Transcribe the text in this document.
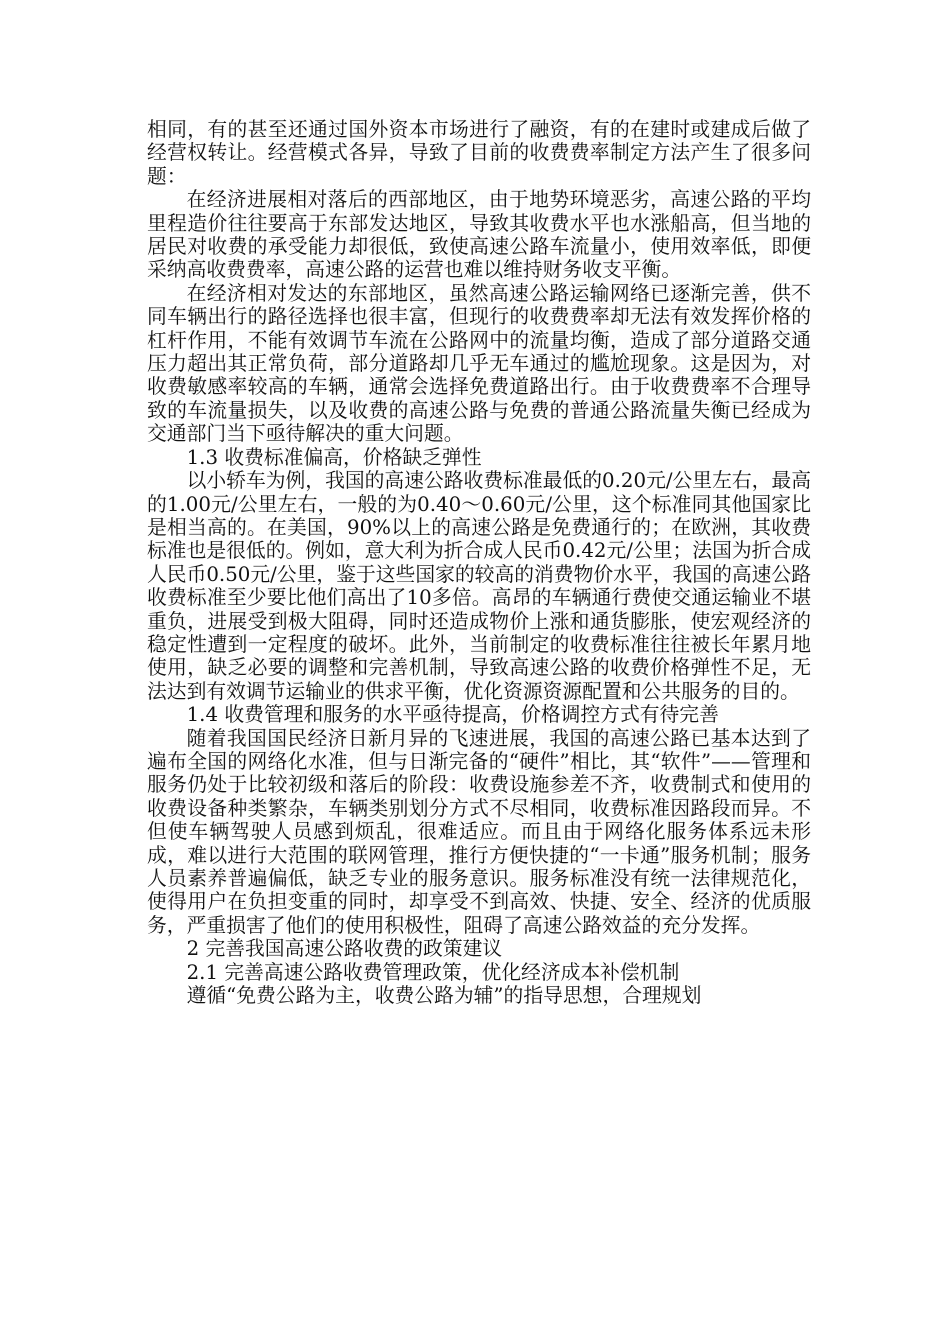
相同，有的甚至还通过国外资本市场进行了融资，有的在建时或建成后做了经营权转让。经营模式各异，导致了目前的收费费率制定方法产生了很多问题：

在经济进展相对落后的西部地区，由于地势环境恶劣，高速公路的平均里程造价往往要高于东部发达地区，导致其收费水平也水涨船高，但当地的居民对收费的承受能力却很低，致使高速公路车流量小，使用效率低，即便采纳高收费费率，高速公路的运营也难以维持财务收支平衡。

在经济相对发达的东部地区，虽然高速公路运输网络已逐渐完善，供不同车辆出行的路径选择也很丰富，但现行的收费费率却无法有效发挥价格的杠杆作用，不能有效调节车流在公路网中的流量均衡，造成了部分道路交通压力超出其正常负荷，部分道路却几乎无车通过的尴尬现象。这是因为，对收费敏感率较高的车辆，通常会选择免费道路出行。由于收费费率不合理导致的车流量损失，以及收费的高速公路与免费的普通公路流量失衡已经成为交通部门当下亟待解决的重大问题。

1.3 收费标准偏高，价格缺乏弹性

以小轿车为例，我国的高速公路收费标准最低的0.20元/公里左右，最高的1.00元/公里左右，一般的为0.40～0.60元/公里，这个标准同其他国家比是相当高的。在美国，90%以上的高速公路是免费通行的；在欧洲，其收费标准也是很低的。例如，意大利为折合成人民币0.42元/公里；法国为折合成人民币0.50元/公里，鉴于这些国家的较高的消费物价水平，我国的高速公路收费标准至少要比他们高出了10多倍。高昂的车辆通行费使交通运输业不堪重负，进展受到极大阻碍，同时还造成物价上涨和通货膨胀，使宏观经济的稳定性遭到一定程度的破坏。此外，当前制定的收费标准往往被长年累月地使用，缺乏必要的调整和完善机制，导致高速公路的收费价格弹性不足，无法达到有效调节运输业的供求平衡，优化资源资源配置和公共服务的目的。

1.4 收费管理和服务的水平亟待提高，价格调控方式有待完善

随着我国国民经济日新月异的飞速进展，我国的高速公路已基本达到了遍布全国的网络化水准，但与日渐完备的“硬件”相比，其“软件”——管理和服务仍处于比较初级和落后的阶段：收费设施参差不齐，收费制式和使用的收费设备种类繁杂，车辆类别划分方式不尽相同，收费标准因路段而异。不但使车辆驾驶人员感到烦乱，很难适应。而且由于网络化服务体系远未形成，难以进行大范围的联网管理，推行方便快捷的“一卡通”服务机制；服务人员素养普遍偏低，缺乏专业的服务意识。服务标准没有统一法律规范化，使得用户在负担变重的同时，却享受不到高效、快捷、安全、经济的优质服务，严重损害了他们的使用积极性，阻碍了高速公路效益的充分发挥。

2 完善我国高速公路收费的政策建议

2.1 完善高速公路收费管理政策，优化经济成本补偿机制

遵循“免费公路为主，收费公路为辅”的指导思想，合理规划
